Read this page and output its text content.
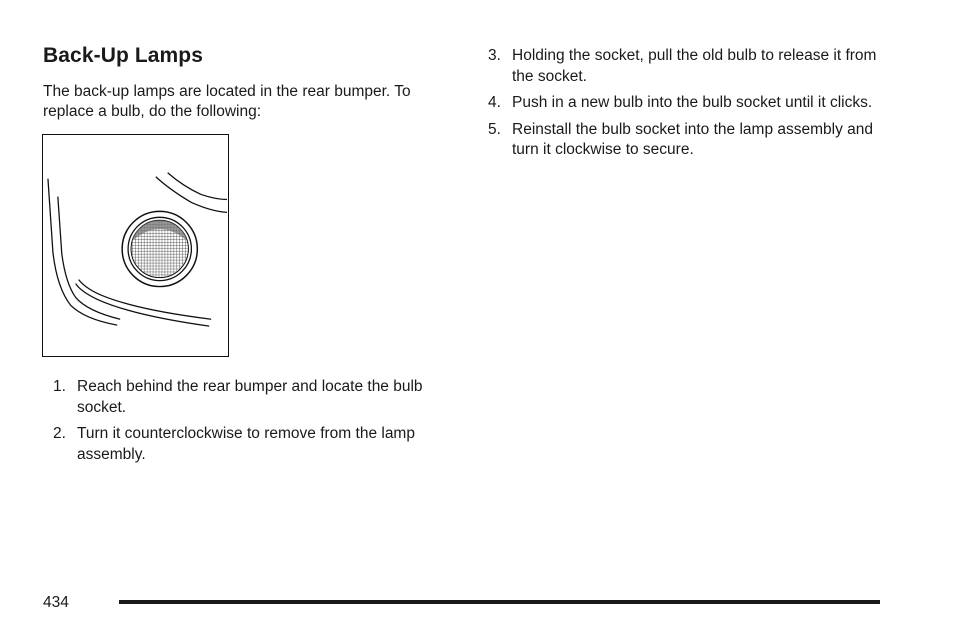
Back-Up Lamps
The back-up lamps are located in the rear bumper. To replace a bulb, do the following:
1. Reach behind the rear bumper and locate the bulb socket.
2. Turn it counterclockwise to remove from the lamp assembly.
3. Holding the socket, pull the old bulb to release it from the socket.
4. Push in a new bulb into the bulb socket until it clicks.
5. Reinstall the bulb socket into the lamp assembly and turn it clockwise to secure.
434
